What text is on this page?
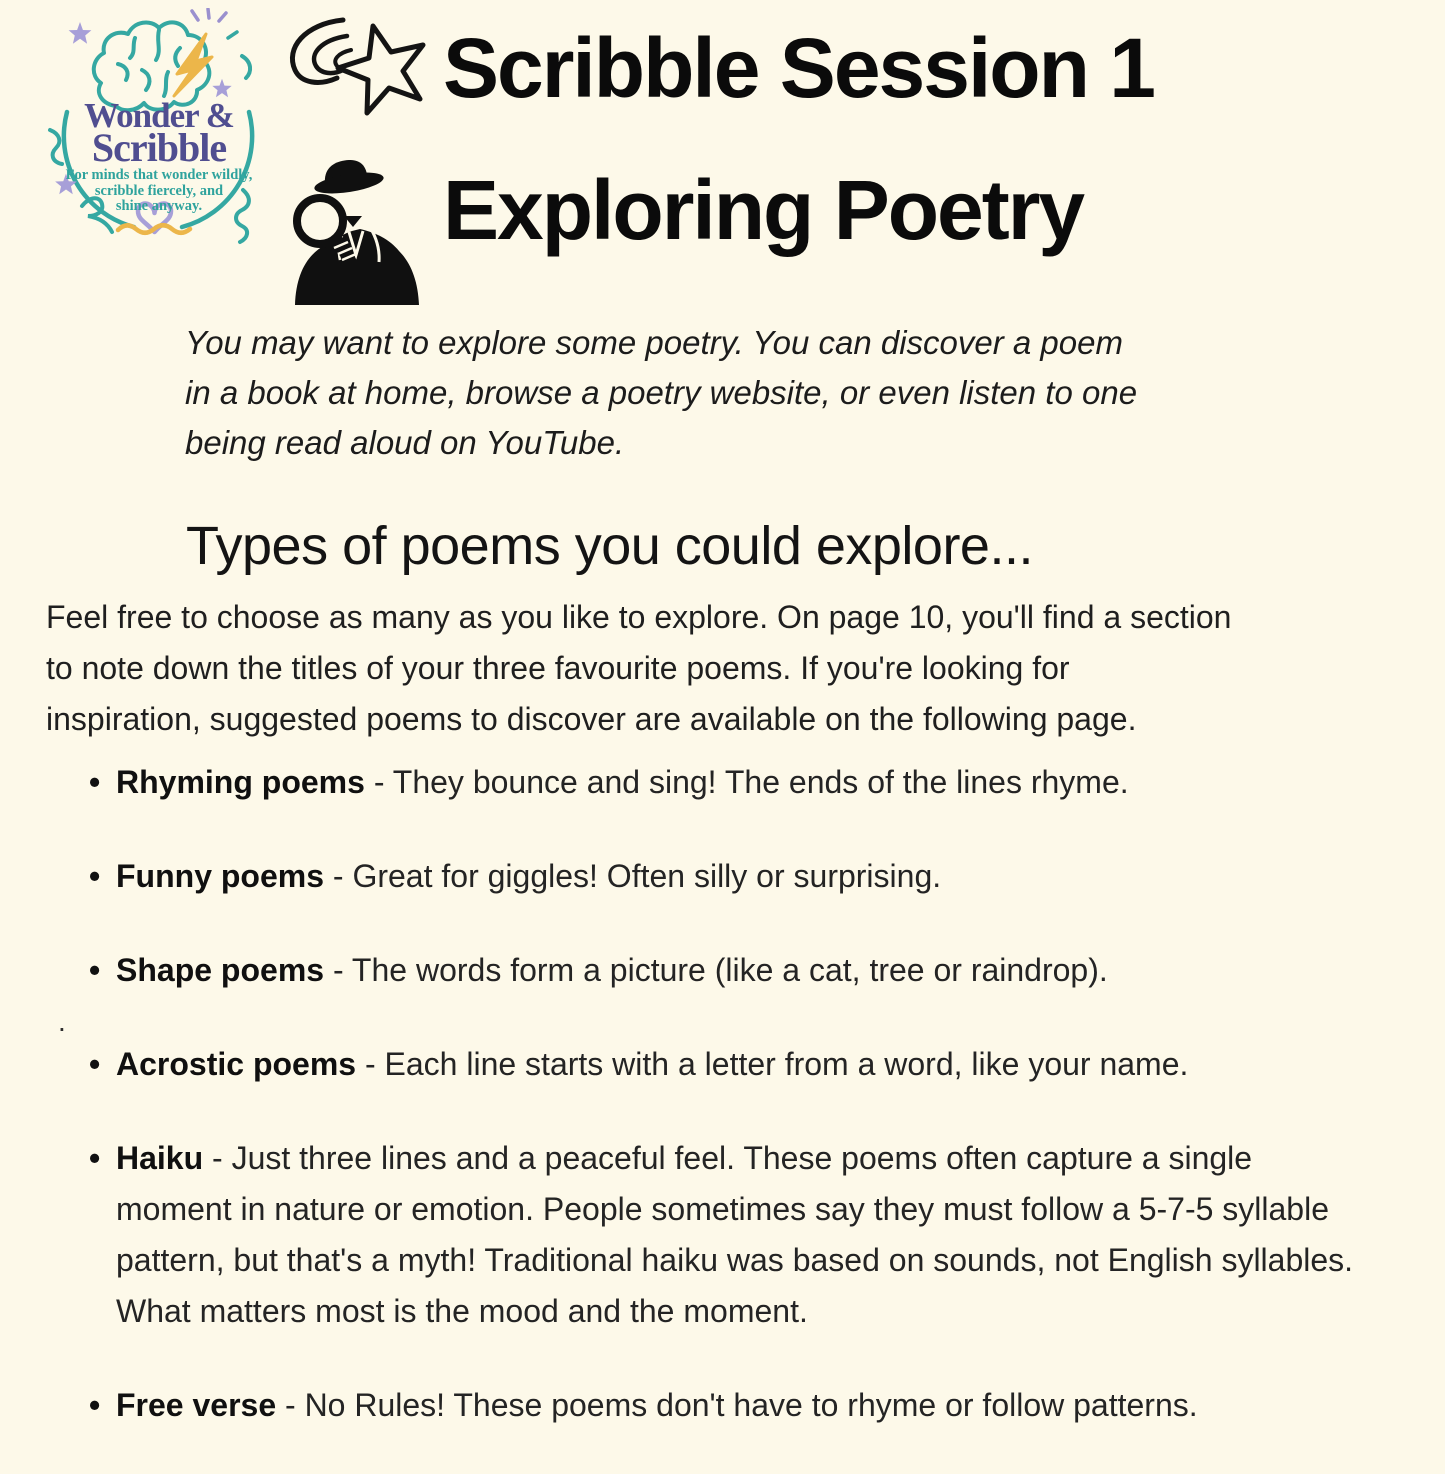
Wonder &
Scribble
For minds that wonder wildly,
scribble fiercely, and
shine anyway.
Scribble Session 1
Exploring Poetry
You may want to explore some poetry. You can discover a poem
in a book at home, browse a poetry website, or even listen to one
being read aloud on YouTube.
Types of poems you could explore...
Feel free to choose as many as you like to explore. On page 10, you'll find a section
to note down the titles of your three favourite poems. If you're looking for
inspiration, suggested poems to discover are available on the following page.
• Rhyming poems - They bounce and sing! The ends of the lines rhyme.
• Funny poems - Great for giggles! Often silly or surprising.
• Shape poems - The words form a picture (like a cat, tree or raindrop).
• Acrostic poems - Each line starts with a letter from a word, like your name.
• Haiku - Just three lines and a peaceful feel. These poems often capture a single moment in nature or emotion. People sometimes say they must follow a 5-7-5 syllable pattern, but that's a myth! Traditional haiku was based on sounds, not English syllables. What matters most is the mood and the moment.
• Free verse - No Rules! These poems don't have to rhyme or follow patterns.
.
